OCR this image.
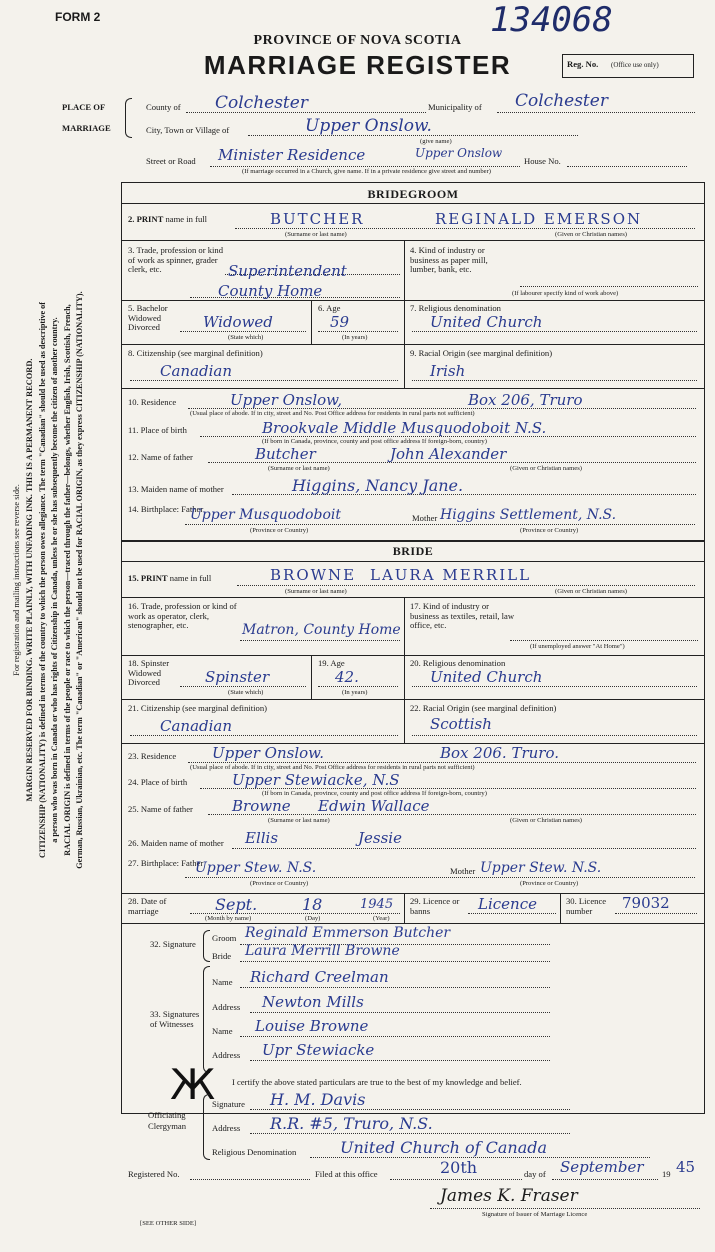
For registration and mailing instructions see reverse side. MARGIN RESERVED FOR BINDING. WRITE PLAINLY, WITH UNFADING INK. THIS IS A PERMANENT RECORD. CITIZENSHIP (NATIONALITY) is defined in terms of the country to which the person owes allegiance. The term "Canadian" should be used as descriptive of a person who was born in Canada or who has rights of Citizenship in Canada, unless he or she has subsequently become the citizen of another country. RACIAL ORIGIN is defined in terms of the people or race to which the person—traced through the father—belongs, whether English, Irish, Scottish, French, German, Russian, Ukrainian, etc. The term "Canadian" or "American" should not be used for RACIAL ORIGIN, as they express CITIZENSHIP (NATIONALITY).
FORM 2	134068
PROVINCE OF NOVA SCOTIA
MARRIAGE REGISTER	Reg. No. (Office use only)
PLACE OF
MARRIAGE
County of Colchester	Municipality of Colchester
City, Town or Village of	Upper Onslow.
(give name)
Street or Road Minister Residence	Upper Onslow
House No.
(If marriage occurred in a Church, give name. If in a private residence give street and number)
BRIDEGROOM
2. PRINT name in full	BUTCHER	REGINALD EMERSON
(Surname or last name)	(Given or Christian names)
3. Trade, profession or kind of work as spinner, grader clerk, etc.	Superintendent
County Home
4. Kind of industry or business as paper mill, lumber, bank, etc.
(If labourer specify kind of work above)
5. Bachelor Widowed Divorced	Widowed
(State which)
6. Age
59
(In years)
7. Religious denomination
United Church
8. Citizenship (see marginal definition)
Canadian
9. Racial Origin (see marginal definition)
Irish
10. Residence	Upper Onslow,	Box 206, Truro
(Usual place of abode. If in city, street and No. Post Office address for residents in rural parts not sufficient)
11. Place of birth	Brookvale Middle Musquodoboit N.S.
(If born in Canada, province, county and post office address If foreign-born, country)
12. Name of father	Butcher	John Alexander
(Surname or last name)	(Given or Christian names)
13. Maiden name of mother	Higgins, Nancy Jane.
14. Birthplace: Father
Upper Musquodoboit	Mother Higgins Settlement, N.S.
(Province or Country)	(Province or Country)
BRIDE
15. PRINT name in full	BROWNE LAURA MERRILL
(Surname or last name)	(Given or Christian names)
16. Trade, profession or kind of work as operator, clerk, stenographer, etc.	Matron, County Home
17. Kind of industry or business as textiles, retail, law office, etc.
(If unemployed answer "At Home")
18. Spinster Widowed Divorced	Spinster
(State which)
19. Age
42.
(In years)
20. Religious denomination
United Church
21. Citizenship (see marginal definition)
Canadian
22. Racial Origin (see marginal definition)
Scottish
23. Residence Upper Onslow.	Box 206. Truro.
(Usual place of abode. If in city, street and No. Post Office address for residents in rural parts not sufficient)
24. Place of birth	Upper Stewiacke, N.S
(If born in Canada, province, county and post office address If foreign-born, country)
25. Name of father	Browne Edwin Wallace
(Surname or last name)	(Given or Christian names)
26. Maiden name of mother Ellis	Jessie
27. Birthplace: Father
Upper Stew. N.S.	Mother Upper Stew. N.S.
(Province or Country)	(Province or Country)
28. Date of marriage	Sept.	18	1945
(Month by name)	(Day)	(Year)
29. Licence or banns	Licence	30. Licence number	79032
32. Signature
Groom Reginald Emmerson Butcher
Bride Laura Merrill Browne
33. Signatures of Witnesses
Name Richard Creelman
Address Newton Mills
Name Louise Browne
Address Upr Stewiacke
Ж I certify the above stated particulars are true to the best of my knowledge and belief.
Officiating
Clergyman
Signature H. M. Davis
Address R.R. #5, Truro, N.S.
Religious Denomination	United Church of Canada
Registered No.	Filed at this office	20th	day of September 19 45
James K. Fraser
Signature of Issuer of Marriage Licence
[SEE OTHER SIDE]
